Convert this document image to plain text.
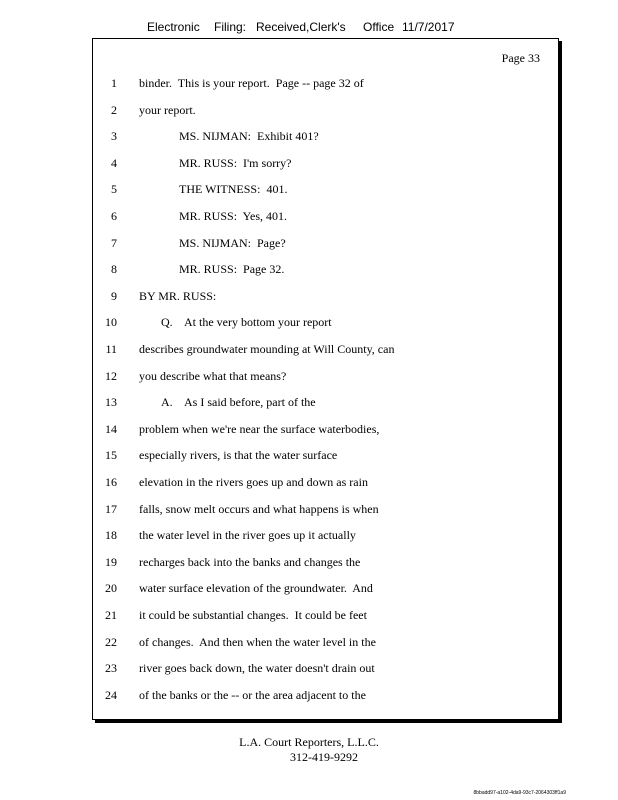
Electronic Filing: Received,Clerk's Office 11/7/2017
Page 33
1 binder.  This is your report.  Page -- page 32 of
2 your report.
3	MS. NIJMAN:  Exhibit 401?
4	MR. RUSS:  I'm sorry?
5	THE WITNESS:  401.
6	MR. RUSS:  Yes, 401.
7	MS. NIJMAN:  Page?
8	MR. RUSS:  Page 32.
9 BY MR. RUSS:
10	Q.    At the very bottom your report
11 describes groundwater mounding at Will County, can
12 you describe what that means?
13	A.    As I said before, part of the
14 problem when we're near the surface waterbodies,
15 especially rivers, is that the water surface
16 elevation in the rivers goes up and down as rain
17 falls, snow melt occurs and what happens is when
18 the water level in the river goes up it actually
19 recharges back into the banks and changes the
20 water surface elevation of the groundwater.  And
21 it could be substantial changes.  It could be feet
22 of changes.  And then when the water level in the
23 river goes back down, the water doesn't drain out
24 of the banks or the -- or the area adjacent to the
L.A. Court Reporters, L.L.C.
312-419-9292
8bbadd97-a102-4da9-93c7-2064303ff1a9
